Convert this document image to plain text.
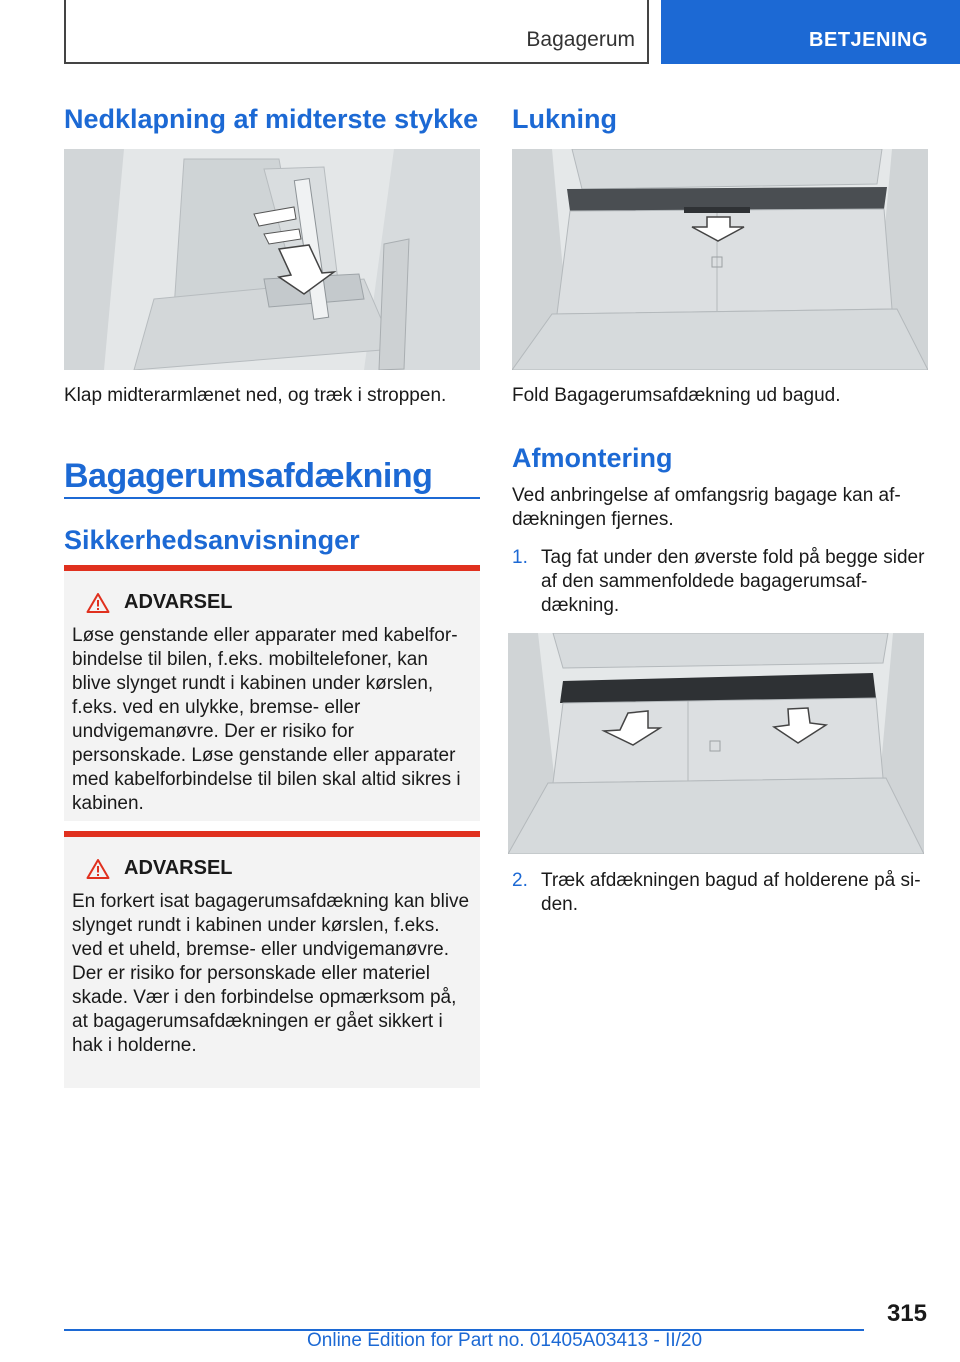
Bagagerum	BETJENING
Nedklapning af midterste stykke

Klap midterarmlænet ned, og træk i stroppen.

Bagagerumsafdækning
Sikkerhedsanvisninger
ADVARSEL

Løse genstande eller apparater med kabelforbindelse til bilen, f.eks. mobiltelefoner, kan blive slynget rundt i kabinen under kørslen, f.eks. ved en ulykke, bremse- eller undvigemanøvre. Der er risiko for personskade. Løse genstande eller apparater med kabelforbindelse til bilen skal altid sikres i kabinen.

ADVARSEL

En forkert isat bagagerumsafdækning kan blive slynget rundt i kabinen under kørslen, f.eks. ved et uheld, bremse- eller undvigemanøvre. Der er risiko for personskade eller materiel skade. Vær i den forbindelse opmærksom på, at bagagerumsafdækningen er gået sikkert i hak i holderne.

Lukning

Fold Bagagerumsafdækning ud bagud.

Afmontering

Ved anbringelse af omfangsrig bagage kan afdækningen fjernes.

1. Tag fat under den øverste fold på begge sider af den sammenfoldede bagagerumsafdækning.

2. Træk afdækningen bagud af holderene på siden.

315
Online Edition for Part no. 01405A03413 - II/20
